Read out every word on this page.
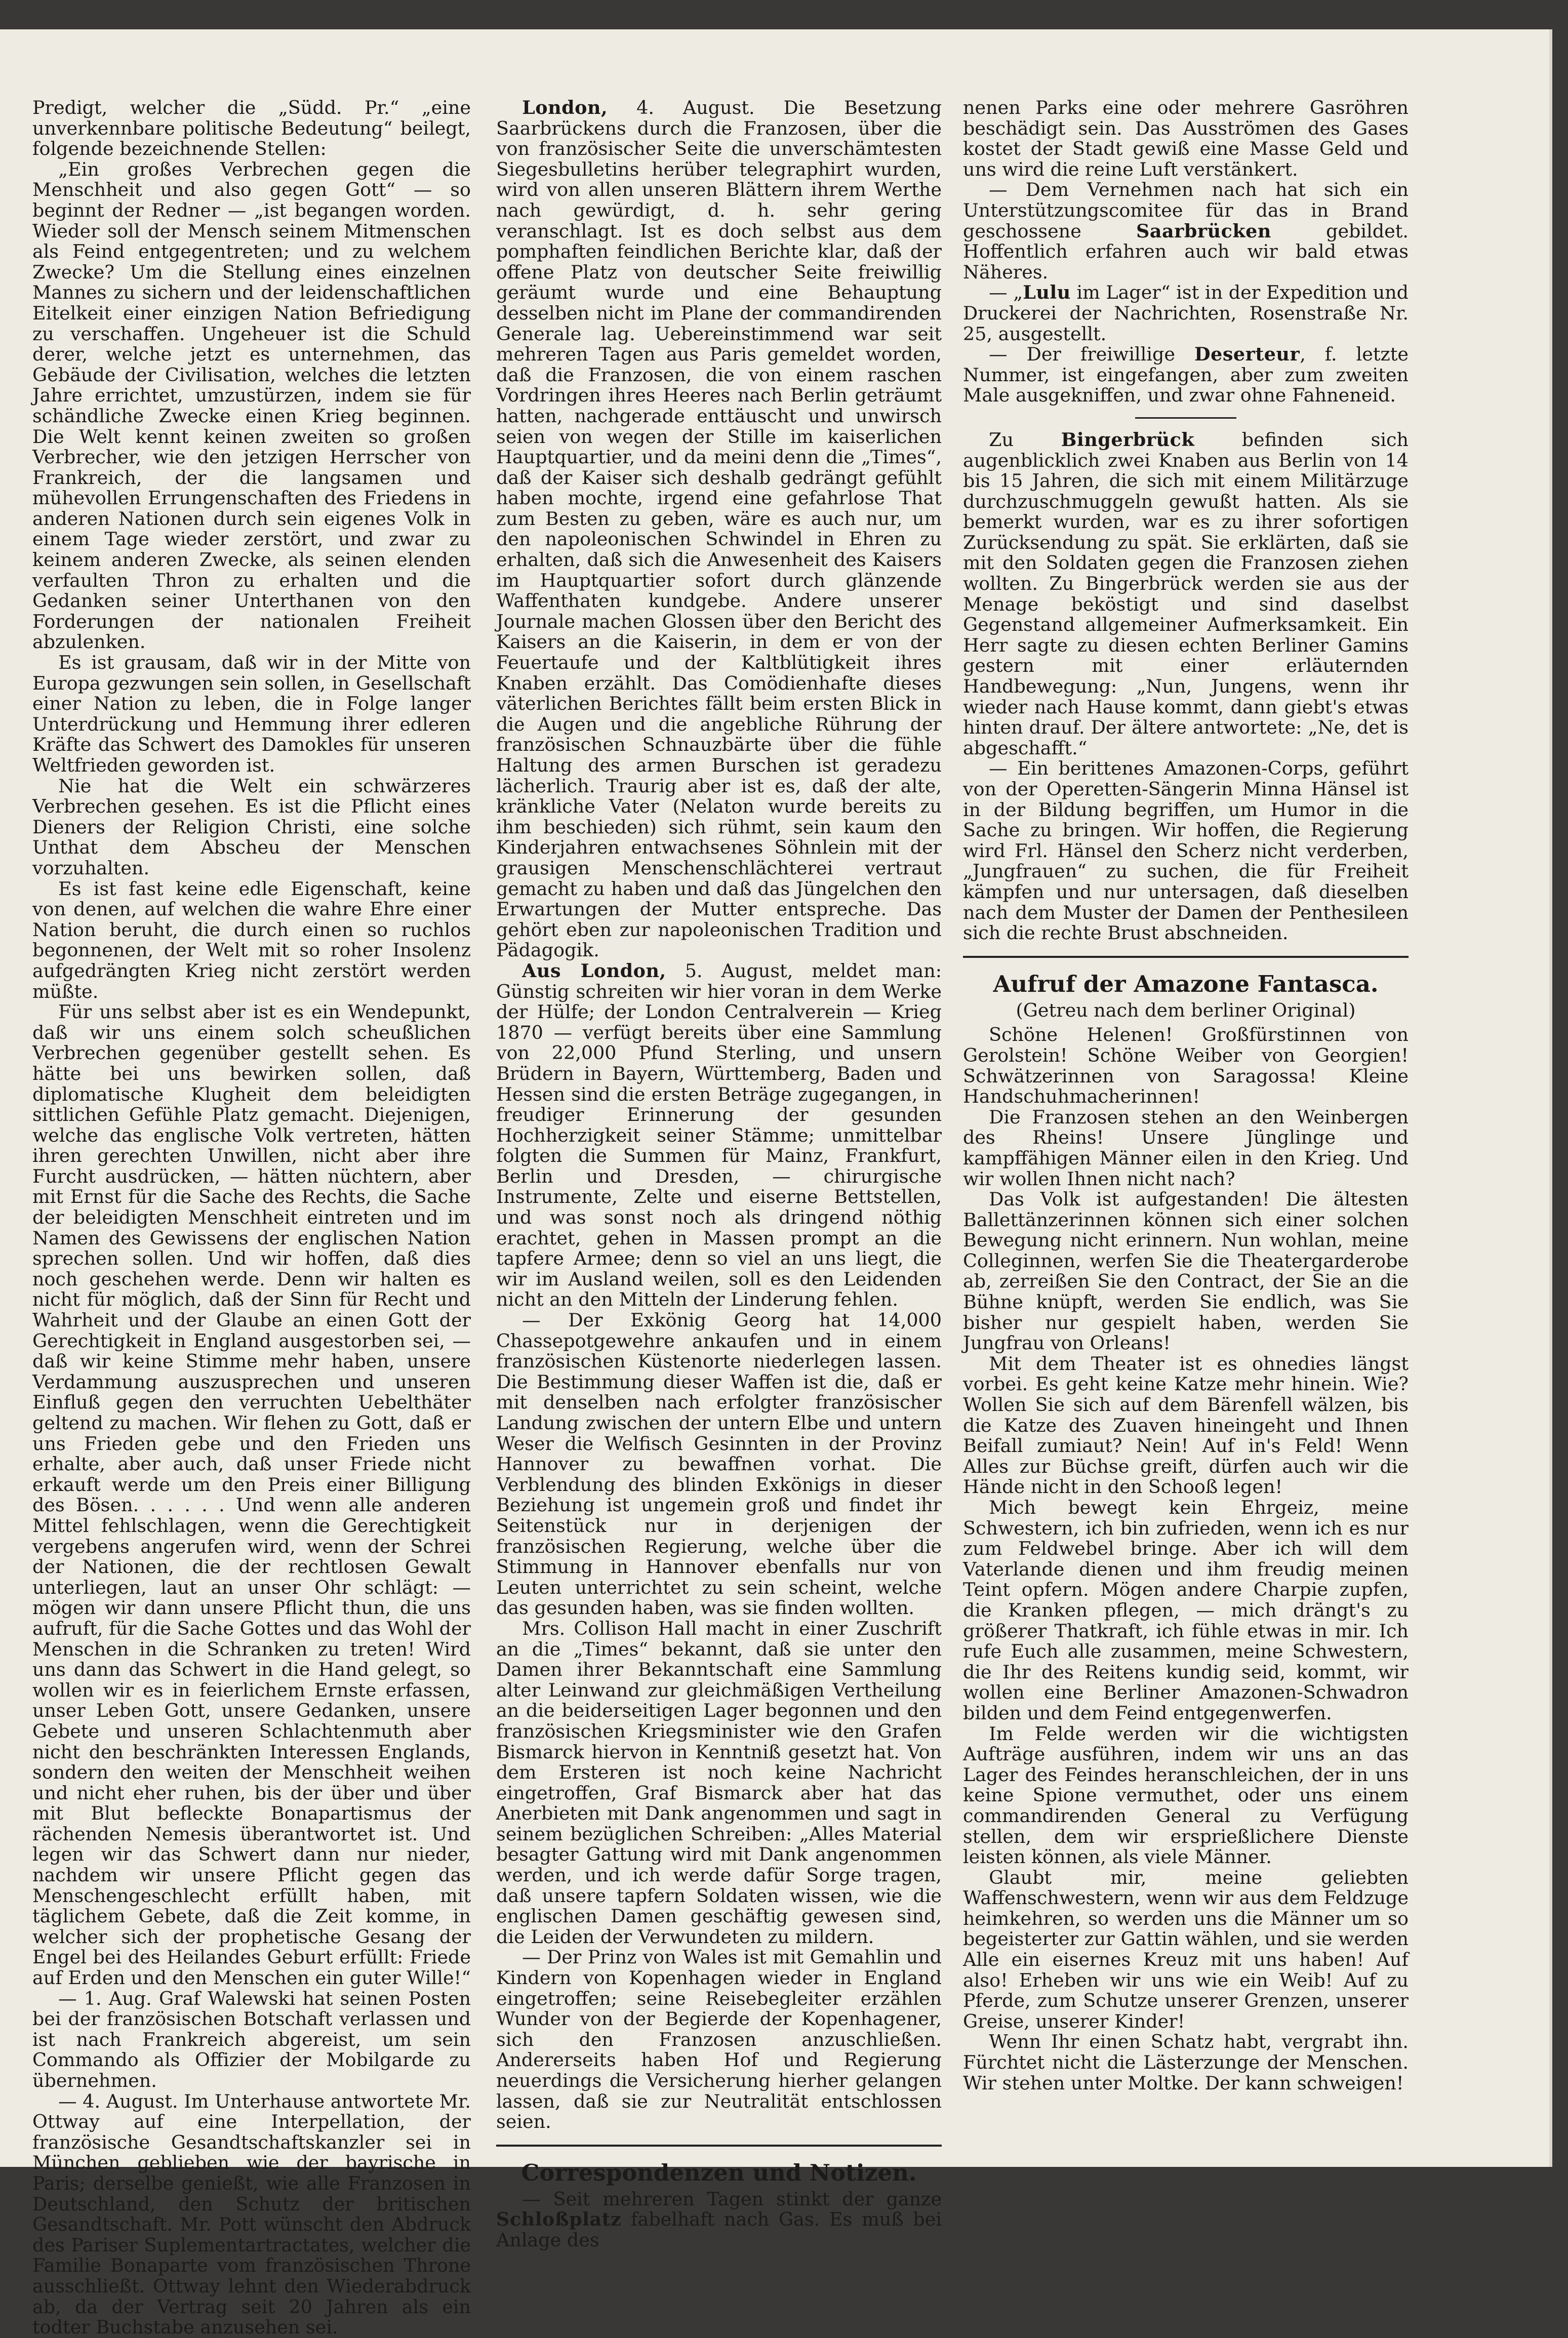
Predigt, welcher die „Südd. Pr.“ „eine unverkennbare politische Bedeutung“ beilegt, folgende bezeichnende Stellen:

„Ein großes Verbrechen gegen die Menschheit und also gegen Gott“ — so beginnt der Redner — „ist begangen worden. Wieder soll der Mensch seinem Mitmenschen als Feind entgegentreten; und zu welchem Zwecke? Um die Stellung eines einzelnen Mannes zu sichern und der leidenschaftlichen Eitelkeit einer einzigen Nation Befriedigung zu verschaffen. Ungeheuer ist die Schuld derer, welche jetzt es unternehmen, das Gebäude der Civilisation, welches die letzten Jahre errichtet, umzustürzen, indem sie für schändliche Zwecke einen Krieg beginnen. Die Welt kennt keinen zweiten so großen Verbrecher, wie den jetzigen Herrscher von Frankreich, der die langsamen und mühevollen Errungenschaften des Friedens in anderen Nationen durch sein eigenes Volk in einem Tage wieder zerstört, und zwar zu keinem anderen Zwecke, als seinen elenden verfaulten Thron zu erhalten und die Gedanken seiner Unterthanen von den Forderungen der nationalen Freiheit abzulenken.

Es ist grausam, daß wir in der Mitte von Europa gezwungen sein sollen, in Gesellschaft einer Nation zu leben, die in Folge langer Unterdrückung und Hemmung ihrer edleren Kräfte das Schwert des Damokles für unseren Weltfrieden geworden ist.

Nie hat die Welt ein schwärzeres Verbrechen gesehen. Es ist die Pflicht eines Dieners der Religion Christi, eine solche Unthat dem Abscheu der Menschen vorzuhalten.

Es ist fast keine edle Eigenschaft, keine von denen, auf welchen die wahre Ehre einer Nation beruht, die durch einen so ruchlos begonnenen, der Welt mit so roher Insolenz aufgedrängten Krieg nicht zerstört werden müßte.

Für uns selbst aber ist es ein Wendepunkt, daß wir uns einem solch scheußlichen Verbrechen gegenüber gestellt sehen. Es hätte bei uns bewirken sollen, daß diplomatische Klugheit dem beleidigten sittlichen Gefühle Platz gemacht. Diejenigen, welche das englische Volk vertreten, hätten ihren gerechten Unwillen, nicht aber ihre Furcht ausdrücken, — hätten nüchtern, aber mit Ernst für die Sache des Rechts, die Sache der beleidigten Menschheit eintreten und im Namen des Gewissens der englischen Nation sprechen sollen. Und wir hoffen, daß dies noch geschehen werde. Denn wir halten es nicht für möglich, daß der Sinn für Recht und Wahrheit und der Glaube an einen Gott der Gerechtigkeit in England ausgestorben sei, — daß wir keine Stimme mehr haben, unsere Verdammung auszusprechen und unseren Einfluß gegen den verruchten Uebelthäter geltend zu machen. Wir flehen zu Gott, daß er uns Frieden gebe und den Frieden uns erhalte, aber auch, daß unser Friede nicht erkauft werde um den Preis einer Billigung des Bösen. . . . . . Und wenn alle anderen Mittel fehlschlagen, wenn die Gerechtigkeit vergebens angerufen wird, wenn der Schrei der Nationen, die der rechtlosen Gewalt unterliegen, laut an unser Ohr schlägt: — mögen wir dann unsere Pflicht thun, die uns aufruft, für die Sache Gottes und das Wohl der Menschen in die Schranken zu treten! Wird uns dann das Schwert in die Hand gelegt, so wollen wir es in feierlichem Ernste erfassen, unser Leben Gott, unsere Gedanken, unsere Gebete und unseren Schlachtenmuth aber nicht den beschränkten Interessen Englands, sondern den weiten der Menschheit weihen und nicht eher ruhen, bis der über und über mit Blut befleckte Bonapartismus der rächenden Nemesis überantwortet ist. Und legen wir das Schwert dann nur nieder, nachdem wir unsere Pflicht gegen das Menschengeschlecht erfüllt haben, mit täglichem Gebete, daß die Zeit komme, in welcher sich der prophetische Gesang der Engel bei des Heilandes Geburt erfüllt: Friede auf Erden und den Menschen ein guter Wille!“

— 1. Aug. Graf Walewski hat seinen Posten bei der französischen Botschaft verlassen und ist nach Frankreich abgereist, um sein Commando als Offizier der Mobilgarde zu übernehmen.

— 4. August. Im Unterhause antwortete Mr. Ottway auf eine Interpellation, der französische Gesandtschaftskanzler sei in München geblieben wie der bayrische in Paris; derselbe genießt, wie alle Franzosen in Deutschland, den Schutz der britischen Gesandtschaft. Mr. Pott wünscht den Abdruck des Pariser Suplementartractates, welcher die Familie Bonaparte vom französischen Throne ausschließt. Ottway lehnt den Wiederabdruck ab, da der Vertrag seit 20 Jahren als ein todter Buchstabe anzusehen sei.

London, 4. August. Die Besetzung Saarbrückens durch die Franzosen, über die von französischer Seite die unverschämtesten Siegesbulletins herüber telegraphirt wurden, wird von allen unseren Blättern ihrem Werthe nach gewürdigt, d. h. sehr gering veranschlagt. Ist es doch selbst aus dem pomphaften feindlichen Berichte klar, daß der offene Platz von deutscher Seite freiwillig geräumt wurde und eine Behauptung desselben nicht im Plane der commandirenden Generale lag. Uebereinstimmend war seit mehreren Tagen aus Paris gemeldet worden, daß die Franzosen, die von einem raschen Vordringen ihres Heeres nach Berlin geträumt hatten, nachgerade enttäuscht und unwirsch seien von wegen der Stille im kaiserlichen Hauptquartier, und da meini denn die „Times“, daß der Kaiser sich deshalb gedrängt gefühlt haben mochte, irgend eine gefahrlose That zum Besten zu geben, wäre es auch nur, um den napoleonischen Schwindel in Ehren zu erhalten, daß sich die Anwesenheit des Kaisers im Hauptquartier sofort durch glänzende Waffenthaten kundgebe. Andere unserer Journale machen Glossen über den Bericht des Kaisers an die Kaiserin, in dem er von der Feuertaufe und der Kaltblütigkeit ihres Knaben erzählt. Das Comödienhafte dieses väterlichen Berichtes fällt beim ersten Blick in die Augen und die angebliche Rührung der französischen Schnauzbärte über die fühle Haltung des armen Burschen ist geradezu lächerlich. Traurig aber ist es, daß der alte, kränkliche Vater (Nelaton wurde bereits zu ihm beschieden) sich rühmt, sein kaum den Kinderjahren entwachsenes Söhnlein mit der grausigen Menschenschlächterei vertraut gemacht zu haben und daß das Jüngelchen den Erwartungen der Mutter entspreche. Das gehört eben zur napoleonischen Tradition und Pädagogik.

Aus London, 5. August, meldet man: Günstig schreiten wir hier voran in dem Werke der Hülfe; der London Centralverein — Krieg 1870 — verfügt bereits über eine Sammlung von 22,000 Pfund Sterling, und unsern Brüdern in Bayern, Württemberg, Baden und Hessen sind die ersten Beträge zugegangen, in freudiger Erinnerung der gesunden Hochherzigkeit seiner Stämme; unmittelbar folgten die Summen für Mainz, Frankfurt, Berlin und Dresden, — chirurgische Instrumente, Zelte und eiserne Bettstellen, und was sonst noch als dringend nöthig erachtet, gehen in Massen prompt an die tapfere Armee; denn so viel an uns liegt, die wir im Ausland weilen, soll es den Leidenden nicht an den Mitteln der Linderung fehlen.

— Der Exkönig Georg hat 14,000 Chassepotgewehre ankaufen und in einem französischen Küstenorte niederlegen lassen. Die Bestimmung dieser Waffen ist die, daß er mit denselben nach erfolgter französischer Landung zwischen der untern Elbe und untern Weser die Welfisch Gesinnten in der Provinz Hannover zu bewaffnen vorhat. Die Verblendung des blinden Exkönigs in dieser Beziehung ist ungemein groß und findet ihr Seitenstück nur in derjenigen der französischen Regierung, welche über die Stimmung in Hannover ebenfalls nur von Leuten unterrichtet zu sein scheint, welche das gesunden haben, was sie finden wollten.

Mrs. Collison Hall macht in einer Zuschrift an die „Times“ bekannt, daß sie unter den Damen ihrer Bekanntschaft eine Sammlung alter Leinwand zur gleichmäßigen Vertheilung an die beiderseitigen Lager begonnen und den französischen Kriegsminister wie den Grafen Bismarck hiervon in Kenntniß gesetzt hat. Von dem Ersteren ist noch keine Nachricht eingetroffen, Graf Bismarck aber hat das Anerbieten mit Dank angenommen und sagt in seinem bezüglichen Schreiben: „Alles Material besagter Gattung wird mit Dank angenommen werden, und ich werde dafür Sorge tragen, daß unsere tapfern Soldaten wissen, wie die englischen Damen geschäftig gewesen sind, die Leiden der Verwundeten zu mildern.

— Der Prinz von Wales ist mit Gemahlin und Kindern von Kopenhagen wieder in England eingetroffen; seine Reisebegleiter erzählen Wunder von der Begierde der Kopenhagener, sich den Franzosen anzuschließen. Andererseits haben Hof und Regierung neuerdings die Versicherung hierher gelangen lassen, daß sie zur Neutralität entschlossen seien.

Correspondenzen und Notizen.

— Seit mehreren Tagen stinkt der ganze Schloßplatz fabelhaft nach Gas. Es muß bei Anlage des

nenen Parks eine oder mehrere Gasröhren beschädigt sein. Das Ausströmen des Gases kostet der Stadt gewiß eine Masse Geld und uns wird die reine Luft verstänkert.

— Dem Vernehmen nach hat sich ein Unterstützungscomitee für das in Brand geschossene Saarbrücken gebildet. Hoffentlich erfahren auch wir bald etwas Näheres.

— „Lulu im Lager“ ist in der Expedition und Druckerei der Nachrichten, Rosenstraße Nr. 25, ausgestellt.

— Der freiwillige Deserteur, f. letzte Nummer, ist eingefangen, aber zum zweiten Male ausgekniffen, und zwar ohne Fahneneid.

Zu Bingerbrück befinden sich augenblicklich zwei Knaben aus Berlin von 14 bis 15 Jahren, die sich mit einem Militärzuge durchzuschmuggeln gewußt hatten. Als sie bemerkt wurden, war es zu ihrer sofortigen Zurücksendung zu spät. Sie erklärten, daß sie mit den Soldaten gegen die Franzosen ziehen wollten. Zu Bingerbrück werden sie aus der Menage beköstigt und sind daselbst Gegenstand allgemeiner Aufmerksamkeit. Ein Herr sagte zu diesen echten Berliner Gamins gestern mit einer erläuternden Handbewegung: „Nun, Jungens, wenn ihr wieder nach Hause kommt, dann giebt's etwas hinten drauf. Der ältere antwortete: „Ne, det is abgeschafft.“

— Ein berittenes Amazonen-Corps, geführt von der Operetten-Sängerin Minna Hänsel ist in der Bildung begriffen, um Humor in die Sache zu bringen. Wir hoffen, die Regierung wird Frl. Hänsel den Scherz nicht verderben, „Jungfrauen“ zu suchen, die für Freiheit kämpfen und nur untersagen, daß dieselben nach dem Muster der Damen der Penthesileen sich die rechte Brust abschneiden.

Aufruf der Amazone Fantasca.
(Getreu nach dem berliner Original)

Schöne Helenen! Großfürstinnen von Gerolstein! Schöne Weiber von Georgien! Schwätzerinnen von Saragossa! Kleine Handschuhmacherinnen!

Die Franzosen stehen an den Weinbergen des Rheins! Unsere Jünglinge und kampffähigen Männer eilen in den Krieg. Und wir wollen Ihnen nicht nach?

Das Volk ist aufgestanden! Die ältesten Ballettänzerinnen können sich einer solchen Bewegung nicht erinnern. Nun wohlan, meine Colleginnen, werfen Sie die Theatergarderobe ab, zerreißen Sie den Contract, der Sie an die Bühne knüpft, werden Sie endlich, was Sie bisher nur gespielt haben, werden Sie Jungfrau von Orleans!

Mit dem Theater ist es ohnedies längst vorbei. Es geht keine Katze mehr hinein. Wie? Wollen Sie sich auf dem Bärenfell wälzen, bis die Katze des Zuaven hineingeht und Ihnen Beifall zumiaut? Nein! Auf in's Feld! Wenn Alles zur Büchse greift, dürfen auch wir die Hände nicht in den Schooß legen!

Mich bewegt kein Ehrgeiz, meine Schwestern, ich bin zufrieden, wenn ich es nur zum Feldwebel bringe. Aber ich will dem Vaterlande dienen und ihm freudig meinen Teint opfern. Mögen andere Charpie zupfen, die Kranken pflegen, — mich drängt's zu größerer Thatkraft, ich fühle etwas in mir. Ich rufe Euch alle zusammen, meine Schwestern, die Ihr des Reitens kundig seid, kommt, wir wollen eine Berliner Amazonen-Schwadron bilden und dem Feind entgegenwerfen.

Im Felde werden wir die wichtigsten Aufträge ausführen, indem wir uns an das Lager des Feindes heranschleichen, der in uns keine Spione vermuthet, oder uns einem commandirenden General zu Verfügung stellen, dem wir ersprießlichere Dienste leisten können, als viele Männer.

Glaubt mir, meine geliebten Waffenschwestern, wenn wir aus dem Feldzuge heimkehren, so werden uns die Männer um so begeisterter zur Gattin wählen, und sie werden Alle ein eisernes Kreuz mit uns haben! Auf also! Erheben wir uns wie ein Weib! Auf zu Pferde, zum Schutze unserer Grenzen, unserer Greise, unserer Kinder!

Wenn Ihr einen Schatz habt, vergrabt ihn. Fürchtet nicht die Lästerzunge der Menschen. Wir stehen unter Moltke. Der kann schweigen!
